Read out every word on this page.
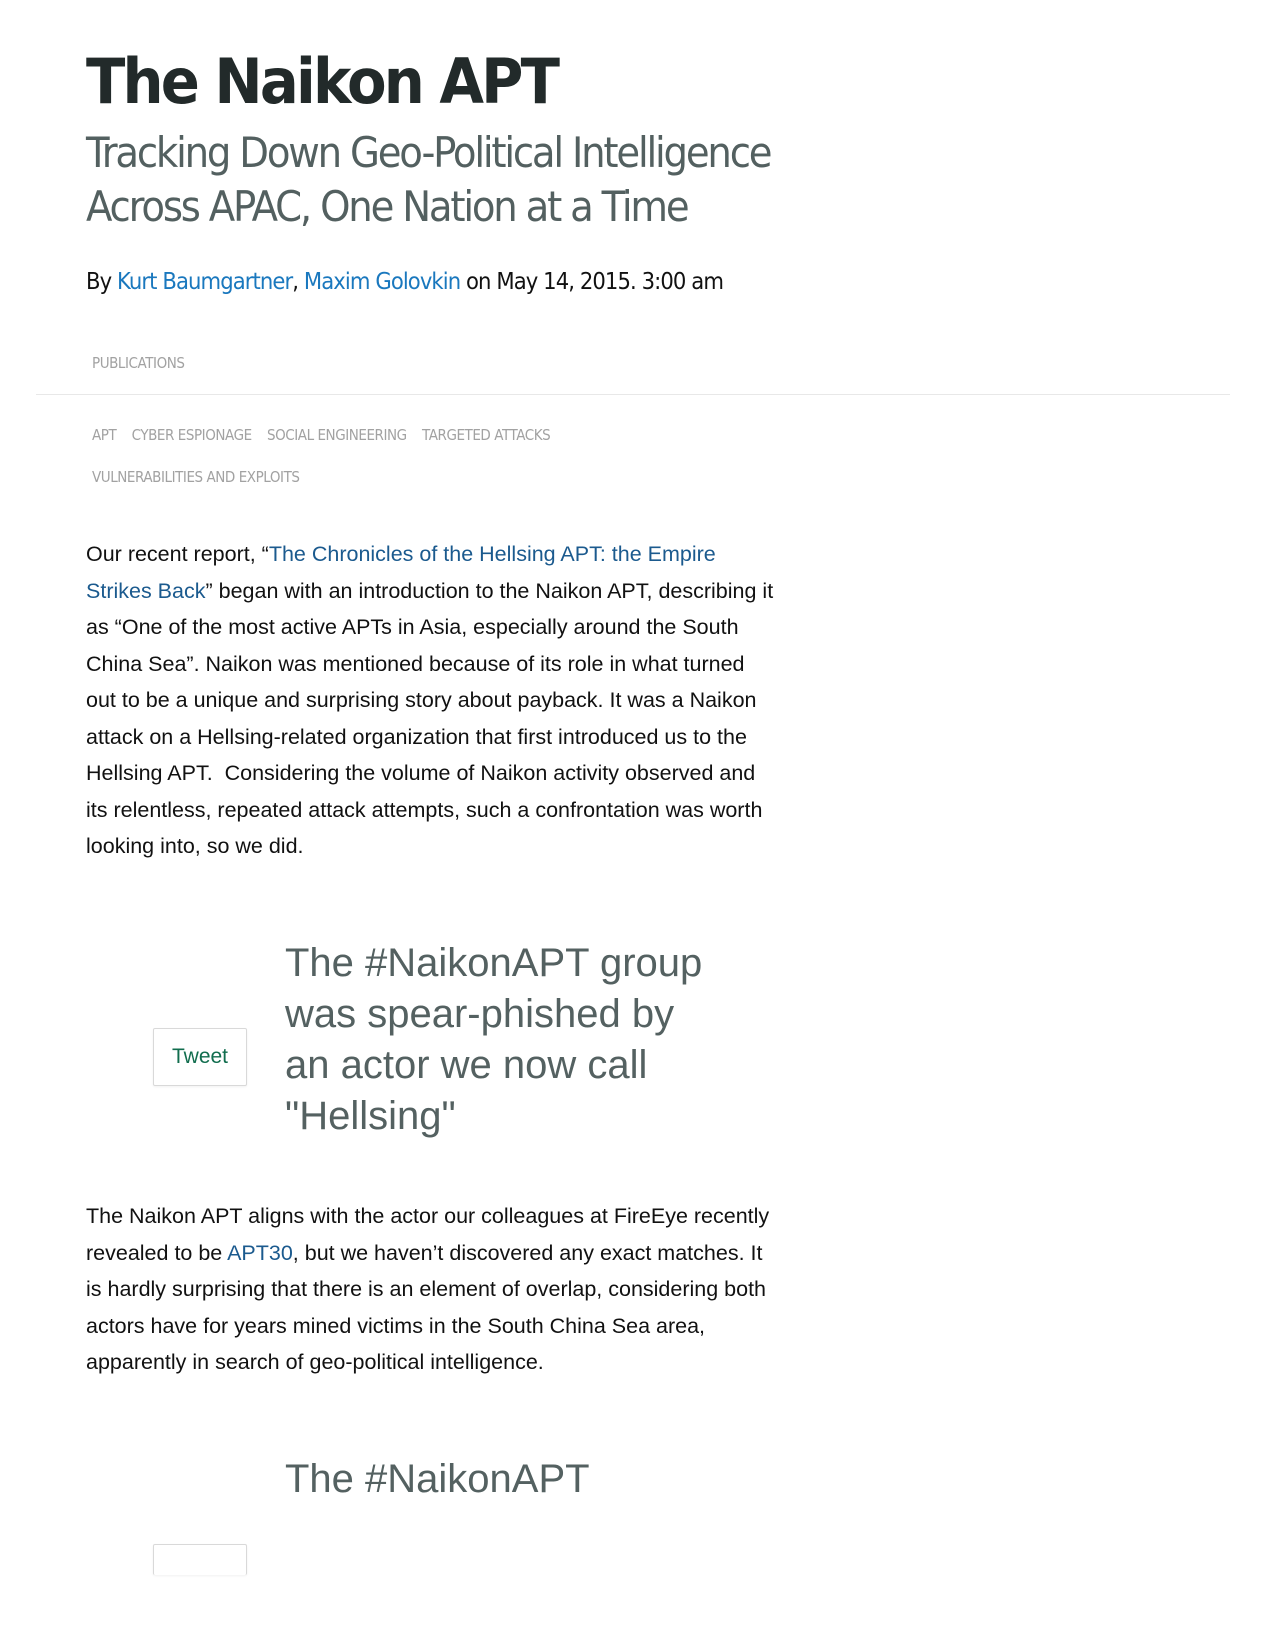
The Naikon APT
Tracking Down Geo-Political Intelligence Across APAC, One Nation at a Time
By Kurt Baumgartner, Maxim Golovkin on May 14, 2015. 3:00 am
PUBLICATIONS
APT CYBER ESPIONAGE SOCIAL ENGINEERING TARGETED ATTACKS
VULNERABILITIES AND EXPLOITS

Our recent report, “The Chronicles of the Hellsing APT: the Empire Strikes Back” began with an introduction to the Naikon APT, describing it as “One of the most active APTs in Asia, especially around the South China Sea”. Naikon was mentioned because of its role in what turned out to be a unique and surprising story about payback. It was a Naikon attack on a Hellsing-related organization that first introduced us to the Hellsing APT.  Considering the volume of Naikon activity observed and its relentless, repeated attack attempts, such a confrontation was worth looking into, so we did.

Tweet

The #NaikonAPT group was spear-phished by an actor we now call "Hellsing"

The Naikon APT aligns with the actor our colleagues at FireEye recently revealed to be APT30, but we haven’t discovered any exact matches. It is hardly surprising that there is an element of overlap, considering both actors have for years mined victims in the South China Sea area, apparently in search of geo-political intelligence.

The #NaikonAPT
